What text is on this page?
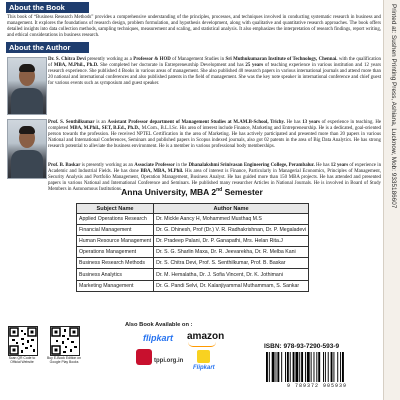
About the Book
This book of “Business Research Methods” provides a comprehensive understanding of the principles, processes, and techniques involved in conducting systematic research in business and management. It explores the foundations of research design, problem formulation, and hypothesis development, along with qualitative and quantitative research approaches. The book offers detailed insights into data collection methods, sampling techniques, measurement and scaling, and statistical analysis. It also emphasizes the interpretation of research findings, report writing, and ethical considerations in business research.
About the Author
Dr. S. Chitra Devi presently working as a Professor & HOD of Management Studies in Sri Muthukumaran Institute of Technology, Chennai. with the qualification of MBA, M.Phil., Ph.D. She completed her doctorate in Entrepreneurship Development and has 25 years of teaching experience in various institution and 12 years research experience. She published 4 Books in various areas of management. She also published 40 research papers in various international journals and attend more than 20 national and international conferences and also published patents in the field of management. She was the key note speaker in international conference and chief guest for various events such as symposium and guest speaker.
Prof. S. Senthilkumar is an Assistant Professor department of Management Studies at M.AM.B-School, Trichy. He has 13 years of experience in teaching. He completed MBA, M.Phil., SET, B.Ed., Ph.D., M.Com., B.L.I.Sc. His area of interest include Finance, Marketing and Entrepreneurship. He is a dedicated, goal-oriented person towards the profession. He received NPTEL Certification in the area of Marketing. He has actively participated and presented more than 20 papers in various National and International Conferences, Seminars and published papers in Scopus indexed journals, also got 02 patents in the area of Big Data Analytics. He has strong research potential to alleviate the business environment. He is a member in various professional body memberships.
Prof. B. Baskar is presently working as an Associate Professor in the Dhanalakshmi Srinivasan Engineering College, Perambalur. He has 12 years of experience in Academic and Industrial Fields. He has done BBA, MBA, M.Phil. His area of interest is Finance, Particularly in Managerial Economics, Principles of Management, Security Analysis and Portfolio Management, Operation Management, Business Analyst. He has guided more than 150 MBA projects. He has attended and presented papers in various National and International Conference and Seminars. He published many researcher Articles in National Journals. He is involved in Board of Study Members in Autonomous Institutions.
Anna University, MBA 2nd Semester
Subject Name	Author Name
Applied Operations Research	Dr. Mickle Aancy H, Mohammed Musthaq M.S
Financial Management	Dr. G. Dhinesh, Prof (Dr.) V. R. Radhakrishnan, Dr. P. Megaladevi
Human Resource Management	Dr. Pradeep Palani, Dr. P. Ganapathi, Mrs. Helan Rita.J
Operations Management	Dr. S. G. Sharlin Maxa, Dr. R. Jeevarekha, Dr. R. Melba Kani
Business Research Methods	Dr. S. Chitra Devi, Prof. S. Senthilkumar, Prof. B. Baskar
Business Analytics	Dr. M. Hemalatha, Dr. J. Sofia Vincent, Dr. K. Jothimani
Marketing Management	Dr. G. Pandi Selvi, Dr. Kalanjiyammal Muthammam, S. Sankar
Scan QR Code to Official Website
Buy E-Book Edition on Google Play Books
Also Book Available on :
flipkart amazon
tppi.org.in
Flipkart
ISBN: 978-93-7290-593-9
9 789372 905939
Printed at: Sushen Printing Press, Ashiana, Lucknow, Mob: 9335186607
